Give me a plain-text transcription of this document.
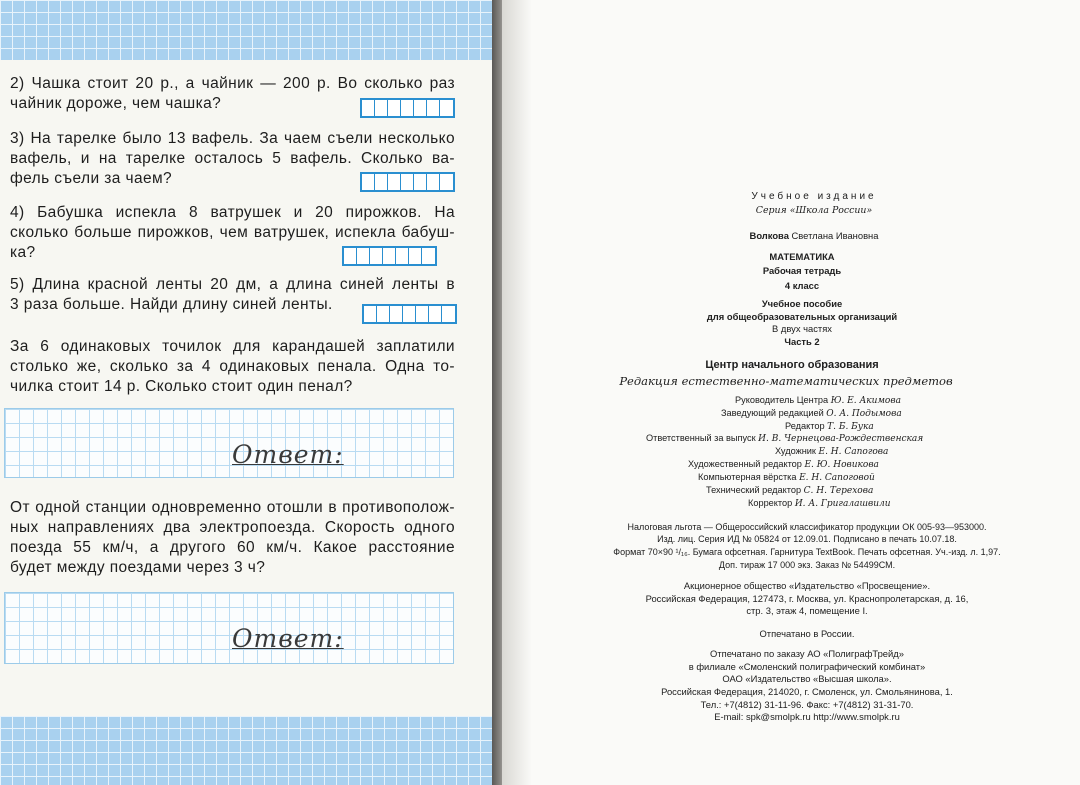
2) Чашка стоит 20 р., а чайник — 200 р. Во сколько раз
чайник дороже, чем чашка?
3) На тарелке было 13 вафель. За чаем съели несколько
вафель, и на тарелке осталось 5 вафель. Сколько ва-
фель съели за чаем?
4) Бабушка испекла 8 ватрушек и 20 пирожков. На
сколько больше пирожков, чем ватрушек, испекла бабуш-
ка?
5) Длина красной ленты 20 дм, а длина синей ленты в
3 раза больше. Найди длину синей ленты.
За 6 одинаковых точилок для карандашей заплатили
столько же, сколько за 4 одинаковых пенала. Одна то-
чилка стоит 14 р. Сколько стоит один пенал?
Ответ:
От одной станции одновременно отошли в противополож-
ных направлениях два электропоезда. Скорость одного
поезда 55 км/ч, а другого 60 км/ч. Какое расстояние
будет между поездами через 3 ч?
Ответ:
Учебное издание
Серия «Школа России»
Волкова Светлана Ивановна
МАТЕМАТИКА
Рабочая тетрадь
4 класс
Учебное пособие
для общеобразовательных организаций
В двух частях
Часть 2
Центр начального образования
Редакция естественно-математических предметов
Руководитель Центра Ю. Е. Акимова
Заведующий редакцией О. А. Подымова
Редактор Т. Б. Бука
Ответственный за выпуск И. В. Чернецова-Рождественская
Художник Е. Н. Сапогова
Художественный редактор Е. Ю. Новикова
Компьютерная вёрстка Е. Н. Сапоговой
Технический редактор С. Н. Терехова
Корректор И. А. Григалашвили
Налоговая льгота — Общероссийский классификатор продукции ОК 005-93—953000.
Изд. лиц. Серия ИД № 05824 от 12.09.01. Подписано в печать 10.07.18.
Формат 70×90 ¹/₁₆. Бумага офсетная. Гарнитура TextBook. Печать офсетная. Уч.-изд. л. 1,97.
Доп. тираж 17 000 экз. Заказ № 54499СМ.
Акционерное общество «Издательство «Просвещение».
Российская Федерация, 127473, г. Москва, ул. Краснопролетарская, д. 16,
стр. 3, этаж 4, помещение I.
Отпечатано в России.
Отпечатано по заказу АО «ПолиграфТрейд»
в филиале «Смоленский полиграфический комбинат»
ОАО «Издательство «Высшая школа».
Российская Федерация, 214020, г. Смоленск, ул. Смольянинова, 1.
Тел.: +7(4812) 31-11-96. Факс: +7(4812) 31-31-70.
E-mail: spk@smolpk.ru http://www.smolpk.ru
